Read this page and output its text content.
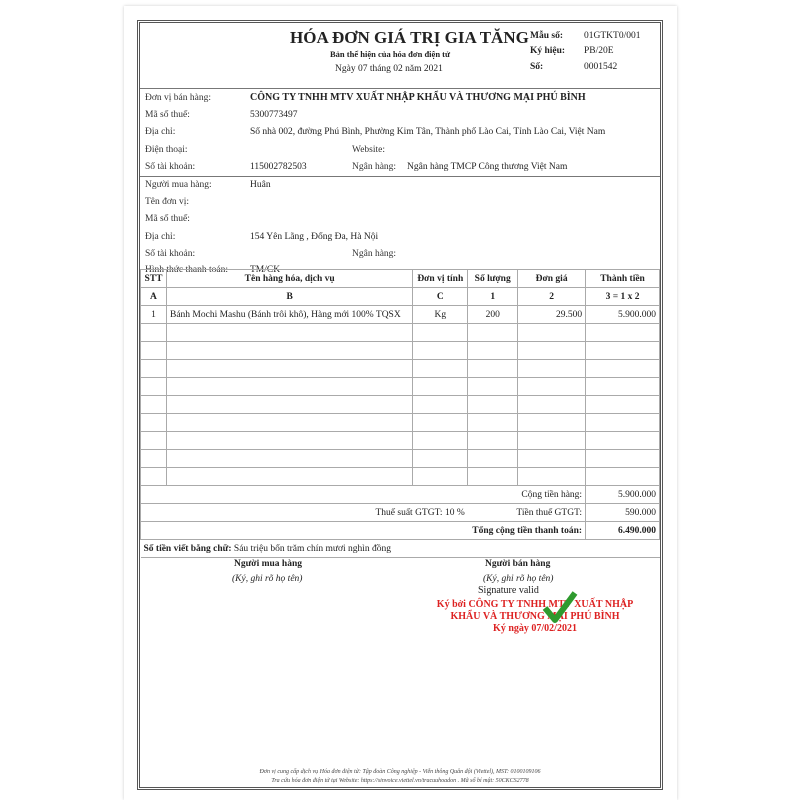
HÓA ĐƠN GIÁ TRỊ GIA TĂNG
Bản thể hiện của hóa đơn điện tử
Ngày 07 tháng 02 năm 2021
Mẫu số: 01GTKT0/001
Ký hiệu: PB/20E
Số:	0001542
Đơn vị bán hàng:	CÔNG TY TNHH MTV XUẤT NHẬP KHẨU VÀ THƯƠNG MẠI PHÚ BÌNH
Mã số thuế:	5300773497
Địa chỉ:	Số nhà 002, đường Phú Bình, Phường Kim Tân, Thành phố Lào Cai, Tỉnh Lào Cai, Việt Nam
Điện thoại:	Website:
Số tài khoản:	115002782503	Ngân hàng: Ngân hàng TMCP Công thương Việt Nam
Người mua hàng:	Huân
Tên đơn vị:
Mã số thuế:
Địa chỉ:	154 Yên Lãng , Đống Đa, Hà Nội
Số tài khoản:	Ngân hàng:
Hình thức thanh toán: TM/CK
STT	Tên hàng hóa, dịch vụ	Đơn vị tính	Số lượng	Đơn giá	Thành tiền
A	B	C	1	2	3 = 1 x 2
1	Bánh Mochi Mashu (Bánh trôi khô), Hàng mới 100% TQSX	Kg	200	29.500	5.900.000

Cộng tiền hàng:					5.900.000
Thuế suất GTGT: 10 %			Tiền thuế GTGT:		590.000
Tổng cộng tiền thanh toán:					6.490.000
Số tiền viết bằng chữ: Sáu triệu bốn trăm chín mươi nghìn đồng					
Người mua hàng
(Ký, ghi rõ họ tên)
Người bán hàng
(Ký, ghi rõ họ tên)
Signature valid
Ký bởi CÔNG TY TNHH MTV XUẤT NHẬP
KHẨU VÀ THƯƠNG MẠI PHÚ BÌNH
Ký ngày 07/02/2021
Đơn vị cung cấp dịch vụ Hóa đơn điện tử: Tập đoàn Công nghiệp - Viễn thông Quân đội (Viettel), MST: 0100109106
Tra cứu hóa đơn điện tử tại Website: https://sinvoice.viettel.vn/tracuuhoadon . Mã số bí mật: 50CKCS2778
